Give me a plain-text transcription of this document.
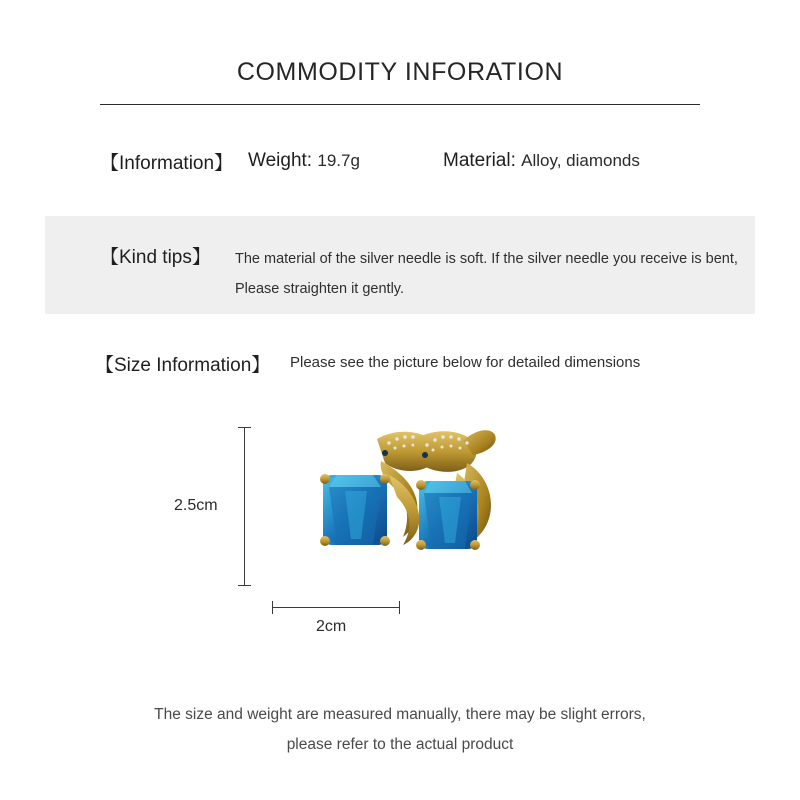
COMMODITY INFORATION
【Information】 Weight: 19.7g	Material: Alloy, diamonds
【Kind tips】 The material of the silver needle is soft. If the silver needle you receive is bent,
Please straighten it gently.
【Size Information】 Please see the picture below for detailed dimensions
2.5cm
2cm
The size and weight are measured manually, there may be slight errors,
please refer to the actual product
